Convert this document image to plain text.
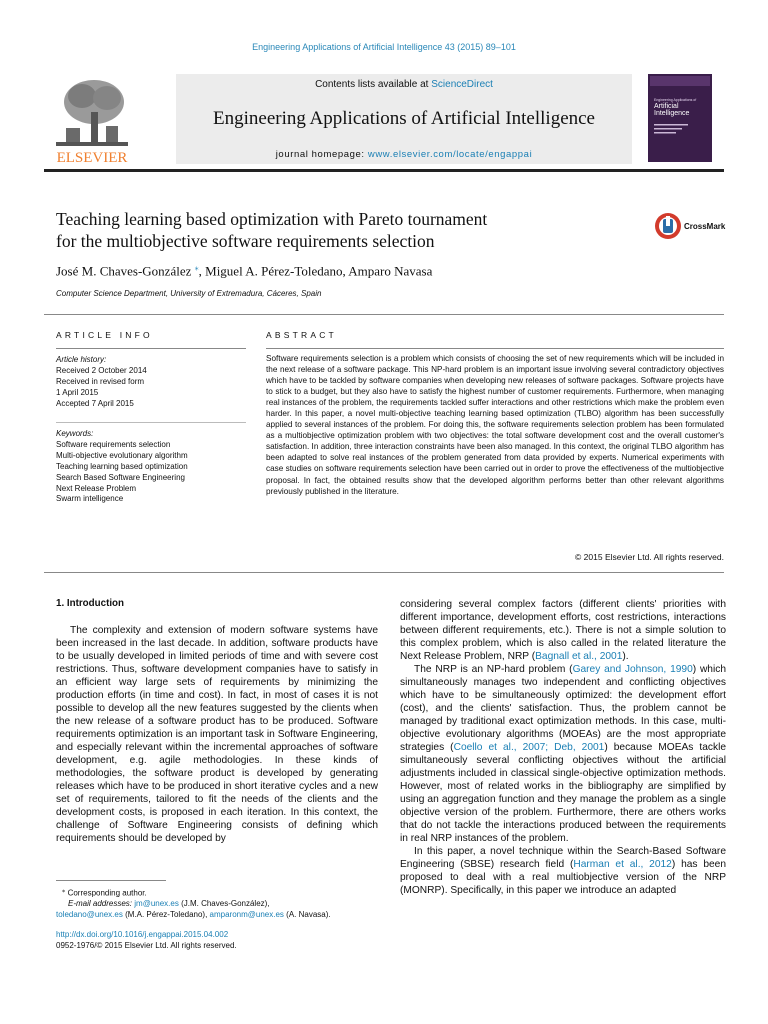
Engineering Applications of Artificial Intelligence 43 (2015) 89–101
ELSEVIER
Contents lists available at ScienceDirect
Engineering Applications of Artificial Intelligence
journal homepage: www.elsevier.com/locate/engappai
Engineering Applications of
Artificial
Intelligence
Teaching learning based optimization with Pareto tournament
for the multiobjective software requirements selection
CrossMark
José M. Chaves-González ⁎, Miguel A. Pérez-Toledano, Amparo Navasa
Computer Science Department, University of Extremadura, Cáceres, Spain
ARTICLE INFO	ABSTRACT
Article history:
Received 2 October 2014
Received in revised form
1 April 2015
Accepted 7 April 2015
Keywords:
Software requirements selection
Multi-objective evolutionary algorithm
Teaching learning based optimization
Search Based Software Engineering
Next Release Problem
Swarm intelligence
Software requirements selection is a problem which consists of choosing the set of new requirements which will be included in the next release of a software package. This NP-hard problem is an important issue involving several contradictory objectives which have to be tackled by software companies when developing new releases of software packages. Software projects have to stick to a budget, but they also have to satisfy the highest number of customer requirements. Furthermore, when managing real instances of the problem, the requirements tackled suffer interactions and other restrictions which make the problem even harder. In this paper, a novel multi-objective teaching learning based optimization (TLBO) algorithm has been successfully applied to several instances of the problem. For doing this, the software requirements selection problem has been formulated as a multiobjective optimization problem with two objectives: the total software development cost and the overall customer's satisfaction. In addition, three interaction constraints have been also managed. In this context, the original TLBO algorithm has been adapted to solve real instances of the problem generated from data provided by experts. Numerical experiments with case studies on software requirements selection have been carried out in order to prove the effectiveness of the multiobjective proposal. In fact, the obtained results show that the developed algorithm performs better than other relevant algorithms previously published in the literature.
© 2015 Elsevier Ltd. All rights reserved.
1. Introduction

The complexity and extension of modern software systems have been increased in the last decade. In addition, software products have to be usually developed in limited periods of time and with severe cost restrictions. Thus, software development companies have to satisfy in an efficient way large sets of requirements by minimizing the production efforts (in time and cost). In fact, in most of cases it is not possible to develop all the new features suggested by the clients when the new release of a software product has to be produced. Software requirements optimization is an important task in Software Engineering, and especially relevant within the incremental approaches of software development, e.g. agile methodologies. In these kinds of methodologies, the software product is developed by generating releases which have to be produced in short iterative cycles and a new set of requirements, tailored to fit the needs of the clients and the development costs, is proposed in each iteration. In this context, the challenge of Software Engineering consists of defining which requirements should be developed by

considering several complex factors (different clients' priorities with different importance, development efforts, cost restrictions, interactions between different requirements, etc.). There is not a simple solution to this complex problem, which is also called in the related literature the Next Release Problem, NRP (Bagnall et al., 2001).

The NRP is an NP-hard problem (Garey and Johnson, 1990) which simultaneously manages two independent and conflicting objectives which have to be simultaneously optimized: the development effort (cost), and the clients' satisfaction. Thus, the problem cannot be managed by traditional exact optimization methods. In this case, multi-objective evolutionary algorithms (MOEAs) are the most appropriate strategies (Coello et al., 2007; Deb, 2001) because MOEAs tackle simultaneously several conflicting objectives without the artificial adjustments included in classical single-objective optimization methods. However, most of related works in the bibliography are simplified by using an aggregation function and they manage the problem as a single objective version of the problem. Furthermore, there are others works that do not tackle the interactions produced between the requirements in real NRP instances of the problem.

In this paper, a novel technique within the Search-Based Software Engineering (SBSE) research field (Harman et al., 2012) has been proposed to deal with a real multiobjective version of the NRP (MONRP). Specifically, in this paper we introduce an adapted

⁎ Corresponding author.
E-mail addresses: jm@unex.es (J.M. Chaves-González),
toledano@unex.es (M.A. Pérez-Toledano), amparonm@unex.es (A. Navasa).
http://dx.doi.org/10.1016/j.engappai.2015.04.002
0952-1976/© 2015 Elsevier Ltd. All rights reserved.
